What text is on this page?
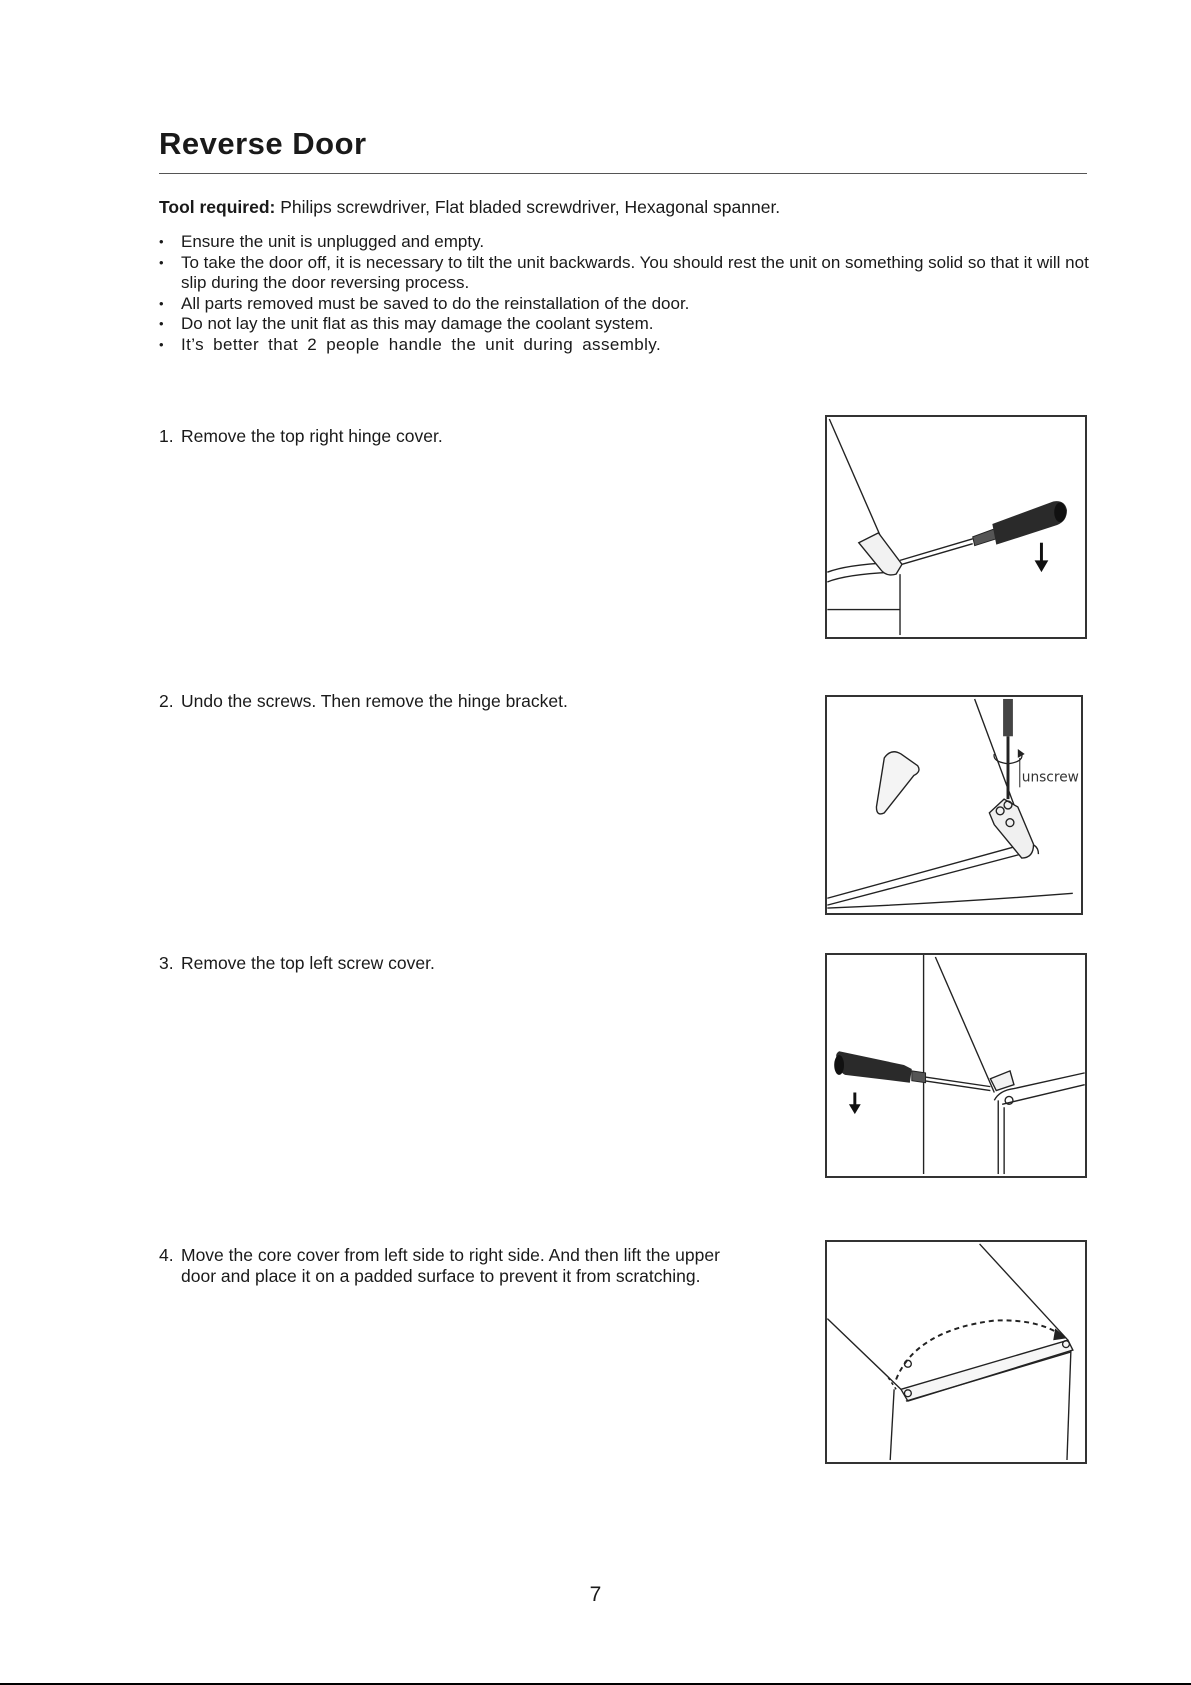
Reverse Door

Tool required: Philips screwdriver, Flat bladed screwdriver, Hexagonal spanner.

• Ensure the unit is unplugged and empty.
• To take the door off, it is necessary to tilt the unit backwards. You should rest the unit on something solid so that it will not slip during the door reversing process.
• All parts removed must be saved to do the reinstallation of the door.
• Do not lay the unit flat as this may damage the coolant system.
• It’s better that 2 people handle the unit during assembly.

1. Remove the top right hinge cover.

2. Undo the screws. Then remove the hinge bracket.

unscrew

3. Remove the top left screw cover.

4. Move the core cover from left side to right side. And then lift the upper
door and place it on a padded surface to prevent it from scratching.

7
